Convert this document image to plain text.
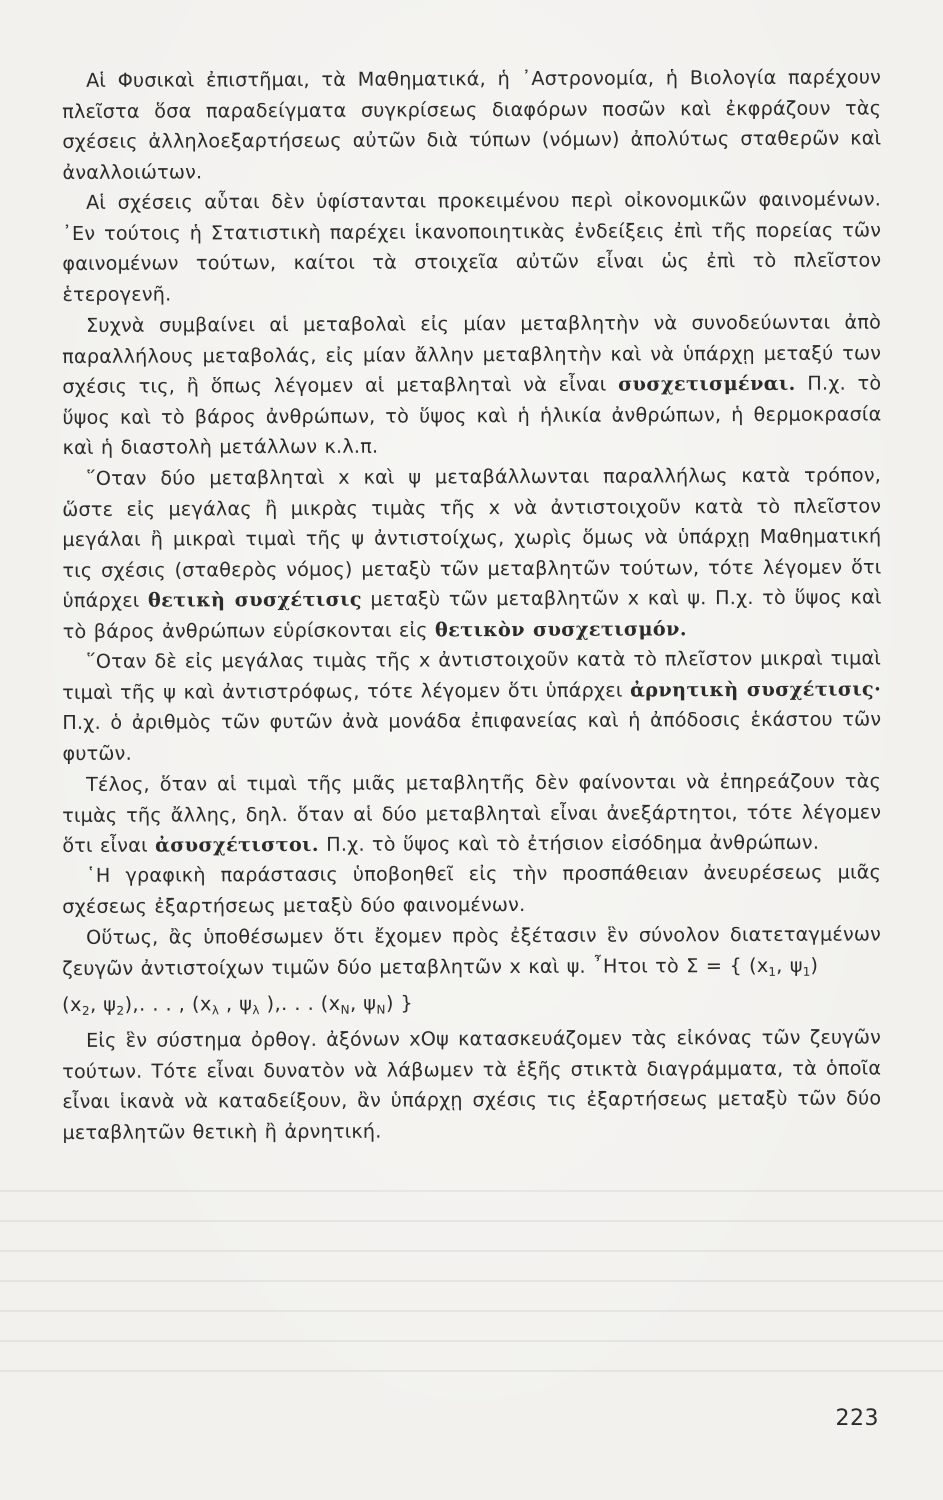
Αἱ Φυσικαὶ ἐπιστῆμαι, τὰ Μαθηματικά, ἡ ᾿Αστρονομία, ἡ Βιολογία παρέχουν πλεῖστα ὅσα παραδείγματα συγκρίσεως διαφόρων ποσῶν καὶ ἐκφράζουν τὰς σχέσεις ἀλληλοεξαρτήσεως αὐτῶν διὰ τύπων (νόμων) ἀπολύτως σταθερῶν καὶ ἀναλλοιώτων.

Αἱ σχέσεις αὗται δὲν ὑφίστανται προκειμένου περὶ οἰκονομικῶν φαινομένων. ᾿Εν τούτοις ἡ Στατιστικὴ παρέχει ἱκανοποιητικὰς ἐνδείξεις ἐπὶ τῆς πορείας τῶν φαινομένων τούτων, καίτοι τὰ στοιχεῖα αὐτῶν εἶναι ὡς ἐπὶ τὸ πλεῖστον ἑτερογενῆ.

Συχνὰ συμβαίνει αἱ μεταβολαὶ εἰς μίαν μεταβλητὴν νὰ συνοδεύωνται ἀπὸ παραλλήλους μεταβολάς, εἰς μίαν ἄλλην μεταβλητὴν καὶ νὰ ὑπάρχῃ μεταξύ των σχέσις τις, ἢ ὅπως λέγομεν αἱ μεταβληταὶ νὰ εἶναι συσχετισμέναι. Π.χ. τὸ ὕψος καὶ τὸ βάρος ἀνθρώπων, τὸ ὕψος καὶ ἡ ἡλικία ἀνθρώπων, ἡ θερμοκρασία καὶ ἡ διαστολὴ μετάλλων κ.λ.π.

῞Οταν δύο μεταβληταὶ x καὶ ψ μεταβάλλωνται παραλλήλως κατὰ τρόπον, ὥστε εἰς μεγάλας ἢ μικρὰς τιμὰς τῆς x νὰ ἀντιστοιχοῦν κατὰ τὸ πλεῖστον μεγάλαι ἢ μικραὶ τιμαὶ τῆς ψ ἀντιστοίχως, χωρὶς ὅμως νὰ ὑπάρχῃ Μαθηματική τις σχέσις (σταθερὸς νόμος) μεταξὺ τῶν μεταβλητῶν τούτων, τότε λέγομεν ὅτι ὑπάρχει θετικὴ συσχέτισις μεταξὺ τῶν μεταβλητῶν x καὶ ψ. Π.χ. τὸ ὕψος καὶ τὸ βάρος ἀνθρώπων εὑρίσκονται εἰς θετικὸν συσχετισμόν.

῞Οταν δὲ εἰς μεγάλας τιμὰς τῆς x ἀντιστοιχοῦν κατὰ τὸ πλεῖστον μικραὶ τιμαὶ τιμαὶ τῆς ψ καὶ ἀντιστρόφως, τότε λέγομεν ὅτι ὑπάρχει ἀρνητικὴ συσχέτισις· Π.χ. ὁ ἀριθμὸς τῶν φυτῶν ἀνὰ μονάδα ἐπιφανείας καὶ ἡ ἀπόδοσις ἑκάστου τῶν φυτῶν.

Τέλος, ὅταν αἱ τιμαὶ τῆς μιᾶς μεταβλητῆς δὲν φαίνονται νὰ ἐπηρεάζουν τὰς τιμὰς τῆς ἄλλης, δηλ. ὅταν αἱ δύο μεταβληταὶ εἶναι ἀνεξάρτητοι, τότε λέγομεν ὅτι εἶναι ἀσυσχέτιστοι. Π.χ. τὸ ὕψος καὶ τὸ ἐτήσιον εἰσόδημα ἀνθρώπων.

῾Η γραφικὴ παράστασις ὑποβοηθεῖ εἰς τὴν προσπάθειαν ἀνευρέσεως μιᾶς σχέσεως ἐξαρτήσεως μεταξὺ δύο φαινομένων.

Οὕτως, ἂς ὑποθέσωμεν ὅτι ἔχομεν πρὸς ἐξέτασιν ἓν σύνολον διατεταγμένων ζευγῶν ἀντιστοίχων τιμῶν δύο μεταβλητῶν x καὶ ψ. ῏Ητοι τὸ Σ = { ($x_1$, $\psi_1$)

($x_2$, $\psi_2$),. . . , ($x_\lambda$ , $\psi_\lambda$ ),. . . ($x_N$, $\psi_N$) }

Εἰς ἓν σύστημα ὀρθογ. ἀξόνων xOψ κατασκευάζομεν τὰς εἰκόνας τῶν ζευγῶν τούτων. Τότε εἶναι δυνατὸν νὰ λάβωμεν τὰ ἑξῆς στικτὰ διαγράμματα, τὰ ὁποῖα εἶναι ἱκανὰ νὰ καταδείξουν, ἂν ὑπάρχῃ σχέσις τις ἐξαρτήσεως μεταξὺ τῶν δύο μεταβλητῶν θετικὴ ἢ ἀρνητική.

223
